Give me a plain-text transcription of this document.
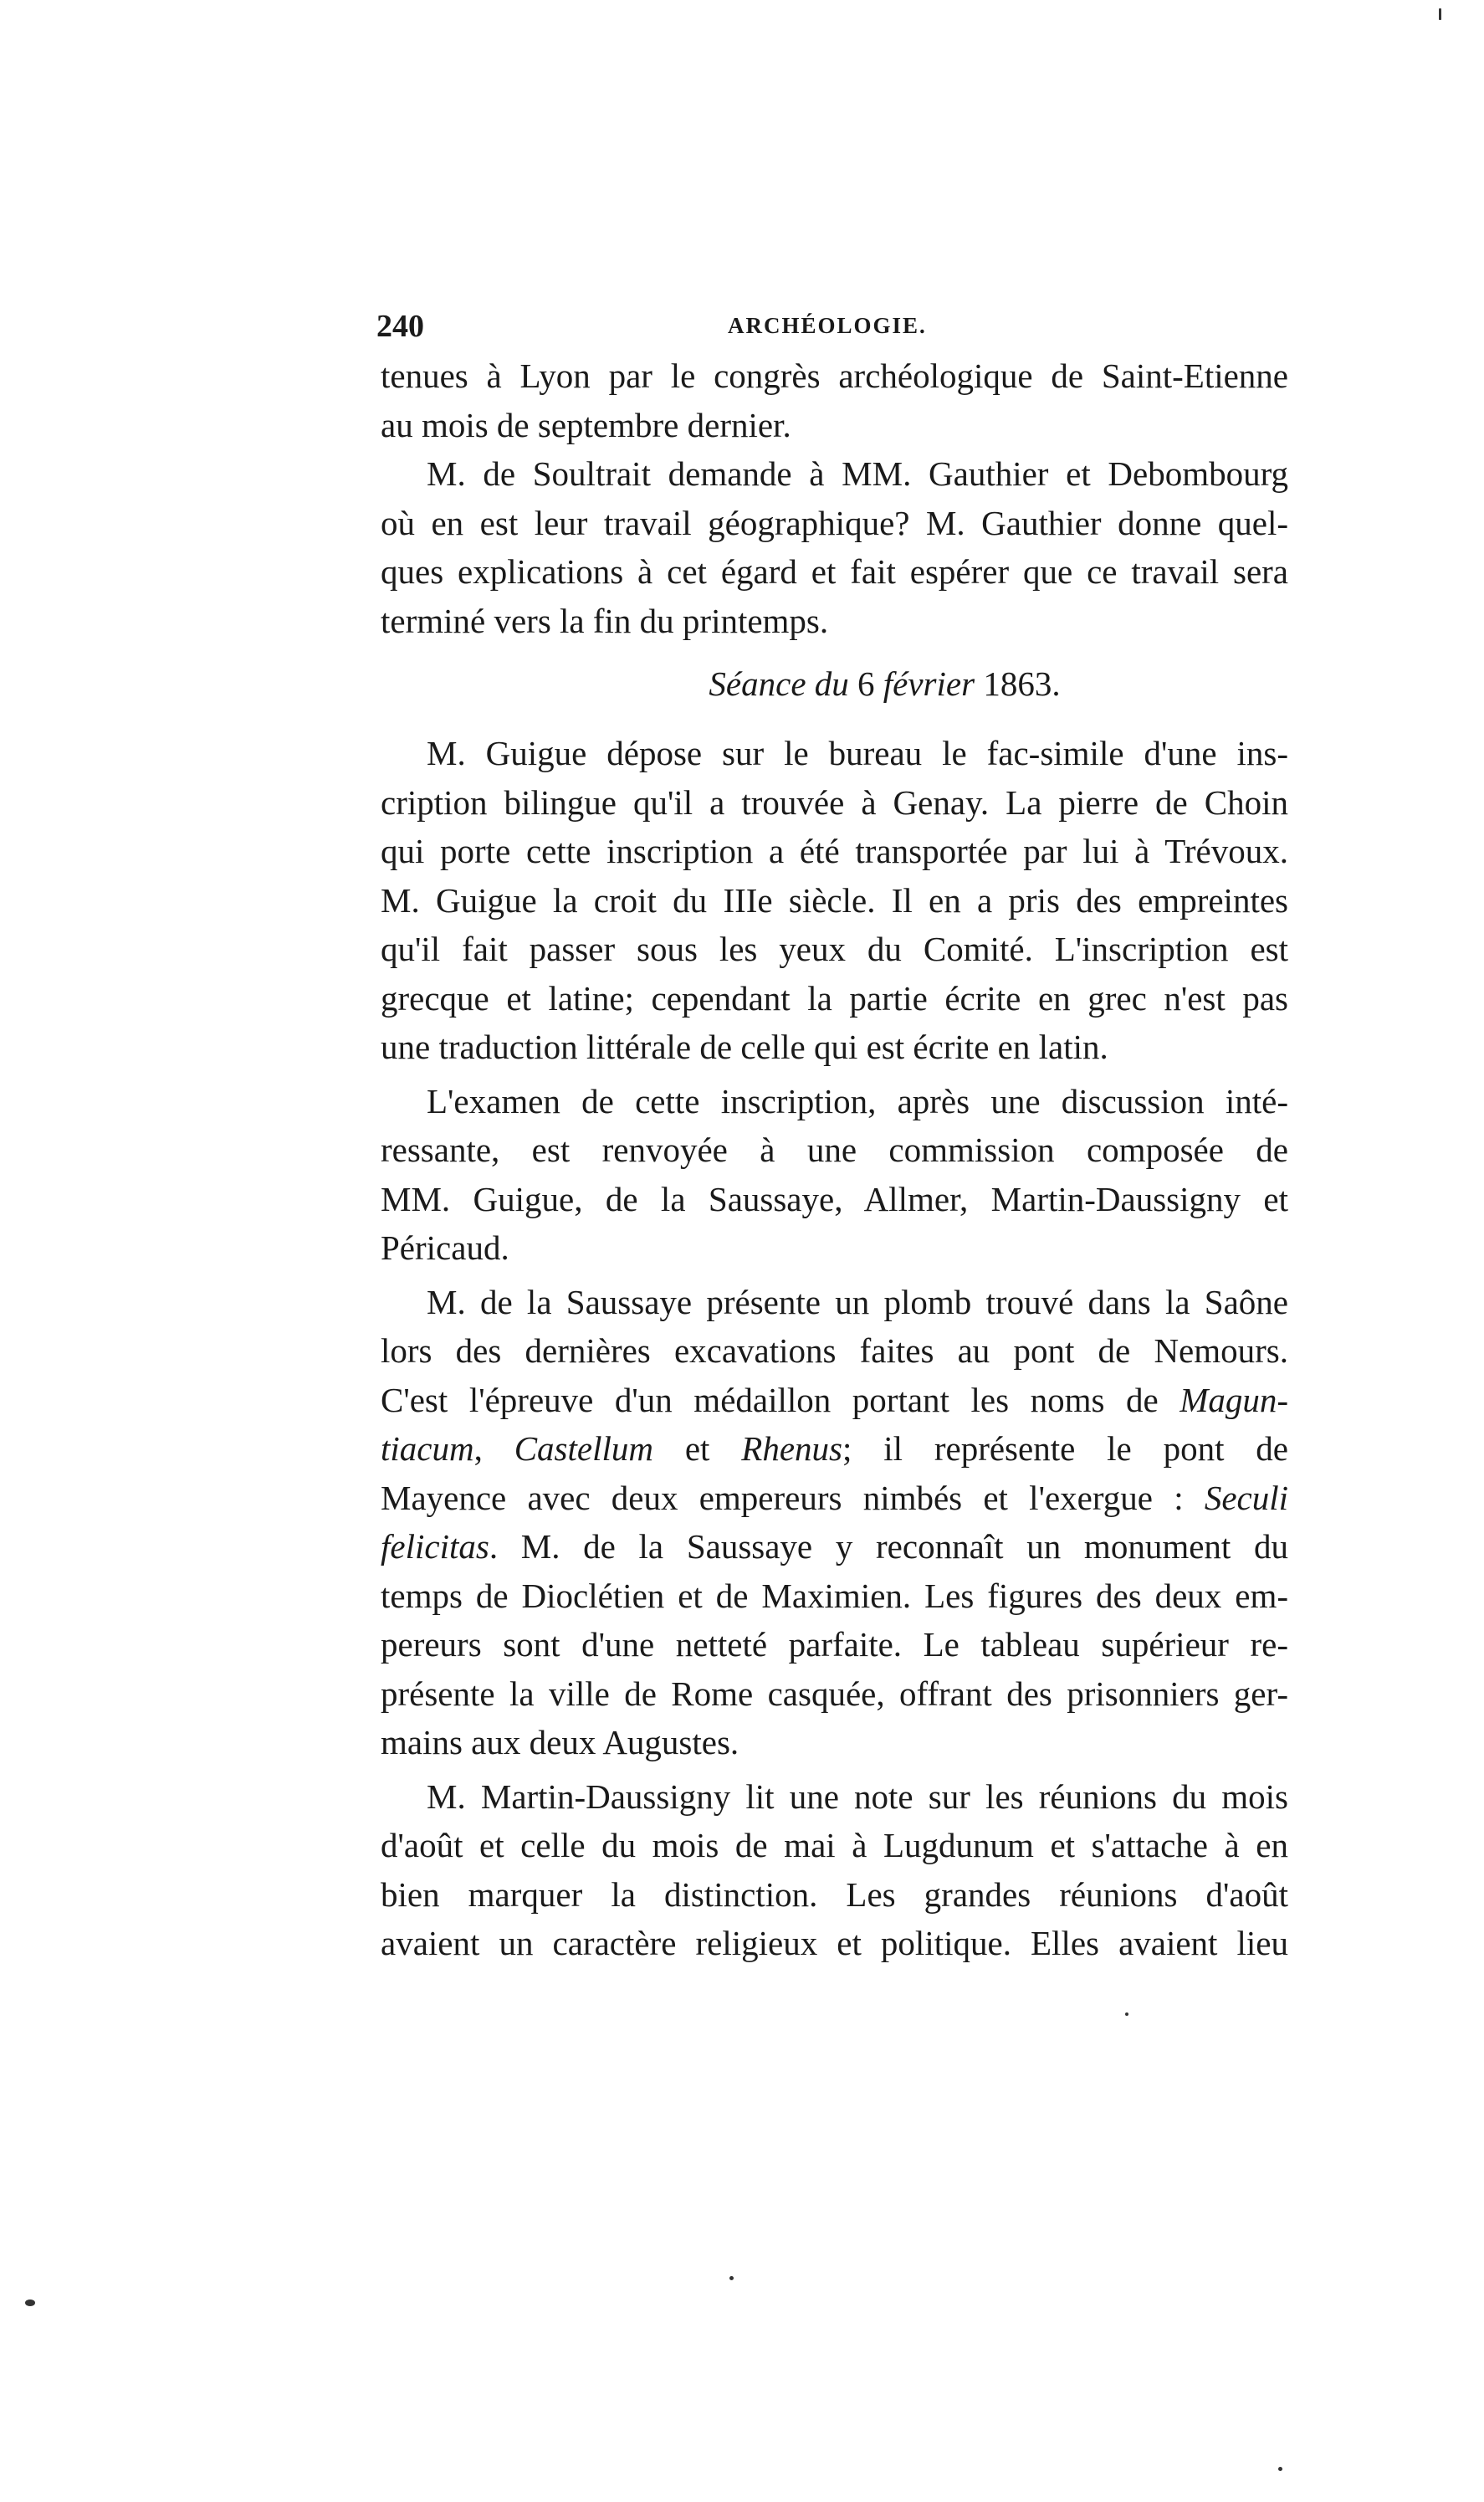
240	ARCHÉOLOGIE.
tenues à Lyon par le congrès archéologique de Saint-Etienne
au mois de septembre dernier.
M. de Soultrait demande à MM. Gauthier et Debombourg
où en est leur travail géographique? M. Gauthier donne quel-
ques explications à cet égard et fait espérer que ce travail sera
terminé vers la fin du printemps.
Séance du 6 février 1863.
M. Guigue dépose sur le bureau le fac-simile d'une ins-
cription bilingue qu'il a trouvée à Genay. La pierre de Choin
qui porte cette inscription a été transportée par lui à Trévoux.
M. Guigue la croit du IIIe siècle. Il en a pris des empreintes
qu'il fait passer sous les yeux du Comité. L'inscription est
grecque et latine; cependant la partie écrite en grec n'est pas
une traduction littérale de celle qui est écrite en latin.
L'examen de cette inscription, après une discussion inté-
ressante, est renvoyée à une commission composée de
MM. Guigue, de la Saussaye, Allmer, Martin-Daussigny et
Péricaud.
M. de la Saussaye présente un plomb trouvé dans la Saône
lors des dernières excavations faites au pont de Nemours.
C'est l'épreuve d'un médaillon portant les noms de Magun-
tiacum, Castellum et Rhenus; il représente le pont de
Mayence avec deux empereurs nimbés et l'exergue : Seculi
felicitas. M. de la Saussaye y reconnaît un monument du
temps de Dioclétien et de Maximien. Les figures des deux em-
pereurs sont d'une netteté parfaite. Le tableau supérieur re-
présente la ville de Rome casquée, offrant des prisonniers ger-
mains aux deux Augustes.
M. Martin-Daussigny lit une note sur les réunions du mois
d'août et celle du mois de mai à Lugdunum et s'attache à en
bien marquer la distinction. Les grandes réunions d'août
avaient un caractère religieux et politique. Elles avaient lieu
